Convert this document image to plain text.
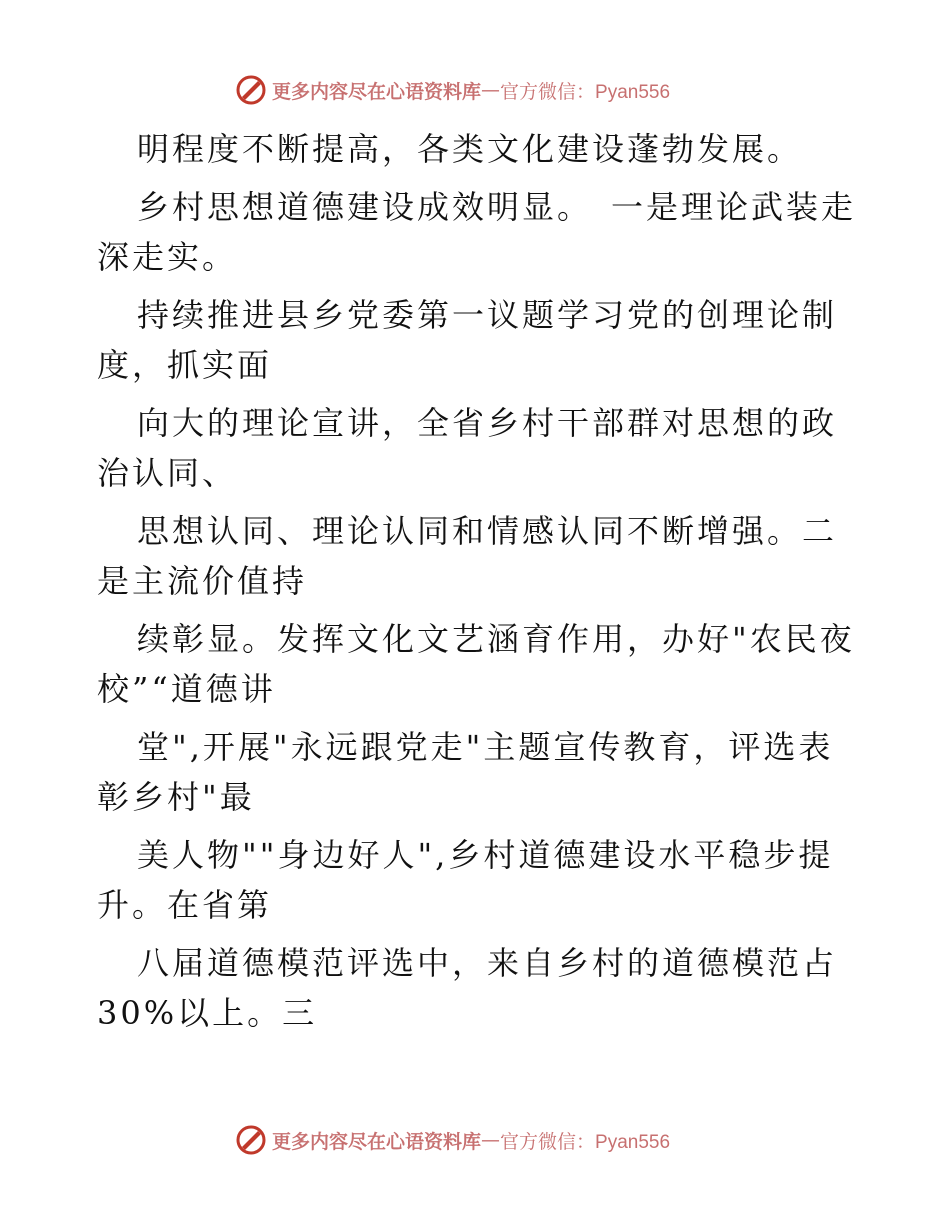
更多内容尽在心语资料库 — 官方微信：Pyan556

明程度不断提高，各类文化建设蓬勃发展。

乡村思想道德建设成效明显。　一是理论武装走深走实。

持续推进县乡党委第一议题学习党的创理论制度，抓实面

向大的理论宣讲，全省乡村干部群对思想的政治认同、

思想认同、理论认同和情感认同不断增强。二是主流价值持

续彰显。发挥文化文艺涵育作用，办好"农民夜校”“道德讲

堂",开展"永远跟党走"主题宣传教育，评选表彰乡村"最

美人物""身边好人",乡村道德建设水平稳步提升。在省第

八届道德模范评选中，来自乡村的道德模范占30%以上。三

更多内容尽在心语资料库 — 官方微信：Pyan556
